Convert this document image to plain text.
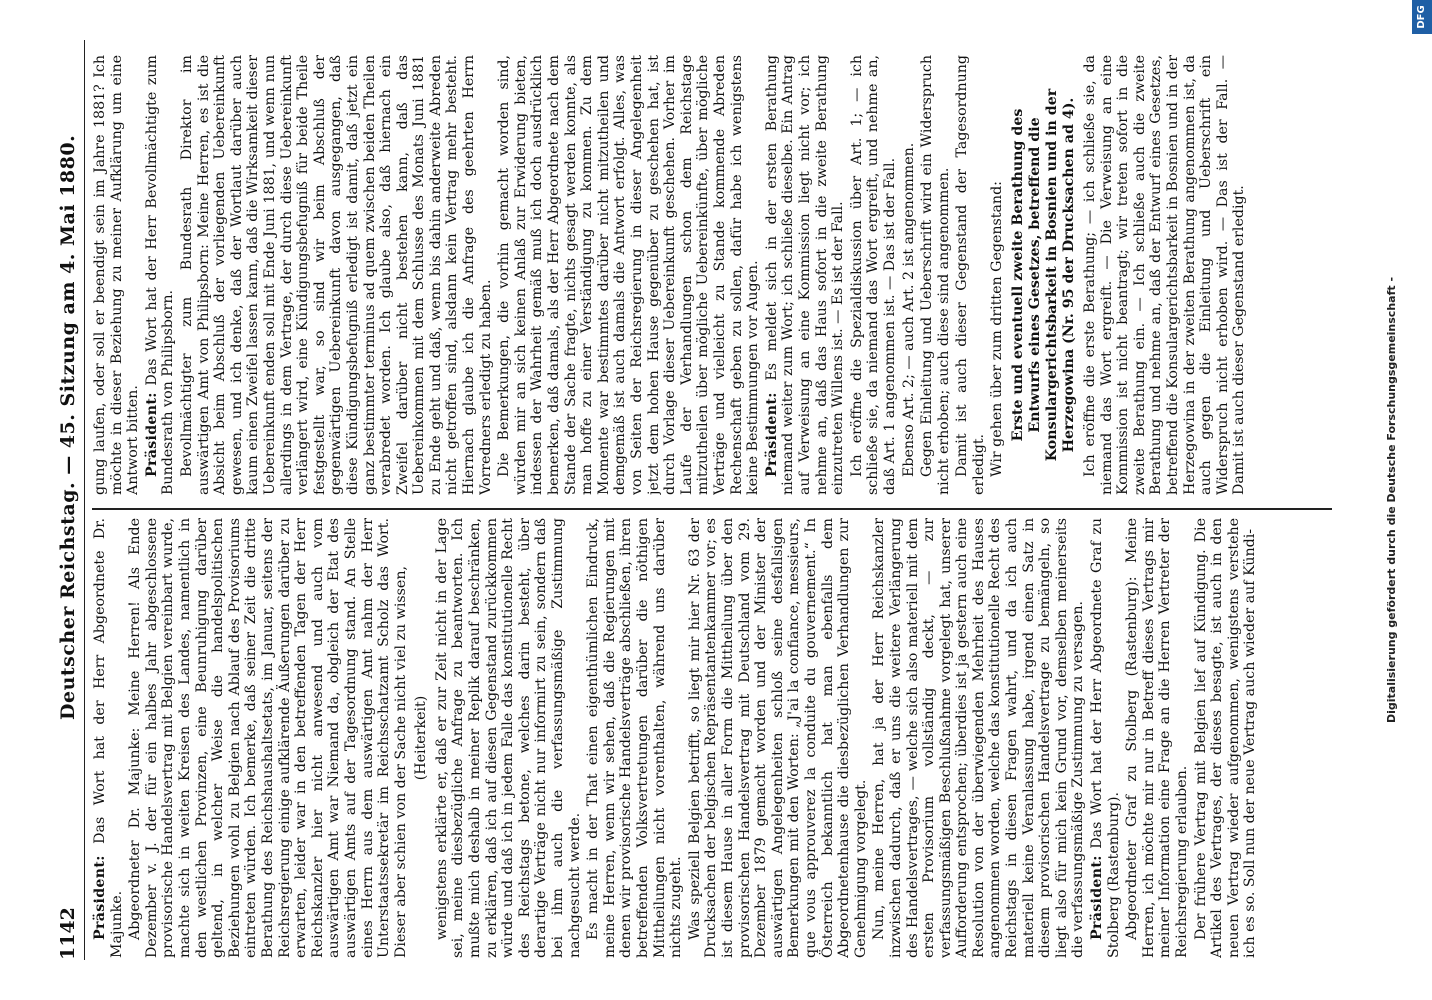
1142
Deutscher Reichstag. — 45. Sitzung am 4. Mai 1880.

Präsident: Das Wort hat der Herr Abgeordnete Dr. Majunke. Abgeordneter Dr. Majunke: Meine Herren! Als Ende Dezember v. J. der für ein halbes Jahr abgeschlossene provisorische Handelsvertrag mit Belgien vereinbart wurde, machte sich in weiten Kreisen des Landes, namentlich in den westlichen Provinzen, eine Beunruhigung darüber geltend, in welcher Weise die handelspolitischen Beziehungen wohl zu Belgien nach Ablauf des Provisoriums eintreten würden. Ich bemerke, daß seiner Zeit die dritte Berathung des Reichshaushaltsetats, im Januar, seitens der Reichsregierung einige aufklärende Äußerungen darüber zu erwarten, leider war in den betreffenden Tagen der Herr Reichskanzler hier nicht anwesend und auch vom auswärtigen Amt war Niemand da, obgleich der Etat des auswärtigen Amts auf der Tagesordnung stand. An Stelle eines Herrn aus dem auswärtigen Amt nahm der Herr Unterstaatssekretär im Reichsschatzamt Scholz das Wort. Dieser aber schien von der Sache nicht viel zu wissen, (Heiterkeit) wenigstens erklärte er, daß er zur Zeit nicht in der Lage sei, meine diesbezügliche Anfrage zu beantworten. Ich mußte mich deshalb in meiner Replik darauf beschränken, zu erklären, daß ich auf diesen Gegenstand zurückkommen würde und daß ich in jedem Falle das konstitutionelle Recht des Reichstags betone, welches darin besteht, über derartige Verträge nicht nur informirt zu sein, sondern daß bei ihm auch die verfassungsmäßige Zustimmung nachgesucht werde. Es macht in der That einen eigenthümlichen Eindruck, meine Herren, wenn wir sehen, daß die Regierungen mit denen wir provisorische Handelsverträge abschließen, ihren betreffenden Volksvertretungen darüber die nöthigen Mittheilungen nicht vorenthalten, während uns darüber nichts zugeht. Was speziell Belgien betrifft, so liegt mir hier Nr. 63 der Drucksachen der belgischen Repräsentantenkammer vor; es ist diesem Hause in aller Form die Mittheilung über den provisorischen Handelsvertrag mit Deutschland vom 29. Dezember 1879 gemacht worden und der Minister der auswärtigen Angelegenheiten schloß seine desfallsigen Bemerkungen mit den Worten: „J'ai la confiance, messieurs, que vous approuverez la conduite du gouvernement.“ In Österreich bekanntlich hat man ebenfalls dem Abgeordnetenhause die diesbezüglichen Verhandlungen zur Genehmigung vorgelegt. Nun, meine Herren, hat ja der Herr Reichskanzler inzwischen dadurch, daß er uns die weitere Verlängerung des Handelsvertrages, — welche sich also materiell mit dem ersten Provisorium vollständig deckt, — zur verfassungsmäßigen Beschlußnahme vorgelegt hat, unserer Aufforderung entsprochen; überdies ist ja gestern auch eine Resolution von der überwiegenden Mehrheit des Hauses angenommen worden, welche das konstitutionelle Recht des Reichstags in diesen Fragen wahrt, und da ich auch materiell keine Veranlassung habe, irgend einen Satz in diesem provisorischen Handelsvertrage zu bemängeln, so liegt also für mich kein Grund vor, demselben meinerseits die verfassungsmäßige Zustimmung zu versagen. Präsident: Das Wort hat der Herr Abgeordnete Graf zu Stolberg (Rastenburg). Abgeordneter Graf zu Stolberg (Rastenburg): Meine Herren, ich möchte mir nur in Betreff dieses Vertrags mir meiner Information eine Frage an die Herren Vertreter der Reichsregierung erlauben. Der frühere Vertrag mit Belgien lief auf Kündigung. Die Artikel des Vertrages, der dieses besagte, ist auch in den neuen Vertrag wieder aufgenommen, wenigstens verstehe ich es so. Soll nun der neue Vertrag auch wieder auf Kündi-

gung laufen, oder soll er beendigt sein im Jahre 1881? Ich möchte in dieser Beziehung zu meiner Aufklärung um eine Antwort bitten. Präsident: Das Wort hat der Herr Bevollmächtigte zum Bundesrath von Philipsborn. Bevollmächtigter zum Bundesrath Direktor im auswärtigen Amt von Philipsborn: Meine Herren, es ist die Absicht beim Abschluß der vorliegenden Uebereinkunft gewesen, und ich denke, daß der Wortlaut darüber auch kaum einen Zweifel lassen kann, daß die Wirksamkeit dieser Uebereinkunft enden soll mit Ende Juni 1881, und wenn nun allerdings in dem Vertrage, der durch diese Uebereinkunft verlängert wird, eine Kündigungsbefugniß für beide Theile festgestellt war, so sind wir beim Abschluß der gegenwärtigen Uebereinkunft davon ausgegangen, daß diese Kündigungsbefugniß erledigt ist damit, daß jetzt ein ganz bestimmter terminus ad quem zwischen beiden Theilen verabredet worden. Ich glaube also, daß hiernach ein Zweifel darüber nicht bestehen kann, daß das Uebereinkommen mit dem Schlusse des Monats Juni 1881 zu Ende geht und daß, wenn bis dahin anderweite Abreden nicht getroffen sind, alsdann kein Vertrag mehr besteht. Hiernach glaube ich die Anfrage des geehrten Herrn Vorredners erledigt zu haben. Die Bemerkungen, die vorhin gemacht worden sind, würden mir an sich keinen Anlaß zur Erwiderung bieten, indessen der Wahrheit gemäß muß ich doch ausdrücklich bemerken, daß damals, als der Herr Abgeordnete nach dem Stande der Sache fragte, nichts gesagt werden konnte, als man hoffe zu einer Verständigung zu kommen. Zu dem Momente war bestimmtes darüber nicht mitzutheilen und demgemäß ist auch damals die Antwort erfolgt. Alles, was von Seiten der Reichsregierung in dieser Angelegenheit jetzt dem hohen Hause gegenüber zu geschehen hat, ist durch Vorlage dieser Uebereinkunft geschehen. Vorher im Laufe der Verhandlungen schon dem Reichstage mitzutheilen über mögliche Uebereinkünfte, über mögliche Verträge und vielleicht zu Stande kommende Abreden Rechenschaft geben zu sollen, dafür habe ich wenigstens keine Bestimmungen vor Augen. Präsident: Es meldet sich in der ersten Berathung niemand weiter zum Wort; ich schließe dieselbe. Ein Antrag auf Verweisung an eine Kommission liegt nicht vor; ich nehme an, daß das Haus sofort in die zweite Berathung einzutreten Willens ist. — Es ist der Fall. Ich eröffne die Spezialdiskussion über Art. 1; — ich schließe sie, da niemand das Wort ergreift, und nehme an, daß Art. 1 angenommen ist. — Das ist der Fall. Ebenso Art. 2; — auch Art. 2 ist angenommen. Gegen Einleitung und Ueberschrift wird ein Widerspruch nicht erhoben; auch diese sind angenommen. Damit ist auch dieser Gegenstand der Tagesordnung erledigt. Wir gehen über zum dritten Gegenstand: Erste und eventuell zweite Berathung des Entwurfs eines Gesetzes, betreffend die Konsulargerichtsbarkeit in Bosnien und in der Herzegowina (Nr. 95 der Drucksachen ad 4). Ich eröffne die erste Berathung; — ich schließe sie, da niemand das Wort ergreift. — Die Verweisung an eine Kommission ist nicht beantragt; wir treten sofort in die zweite Berathung ein. — Ich schließe auch die zweite Berathung und nehme an, daß der Entwurf eines Gesetzes, betreffend die Konsulargerichtsbarkeit in Bosnien und in der Herzegowina in der zweiten Berathung angenommen ist, da auch gegen die Einleitung und Ueberschrift ein Widerspruch nicht erhoben wird. — Das ist der Fall. — Damit ist auch dieser Gegenstand erledigt.	Digitalisierung gefördert durch die Deutsche Forschungsgemeinschaft -
DFG
